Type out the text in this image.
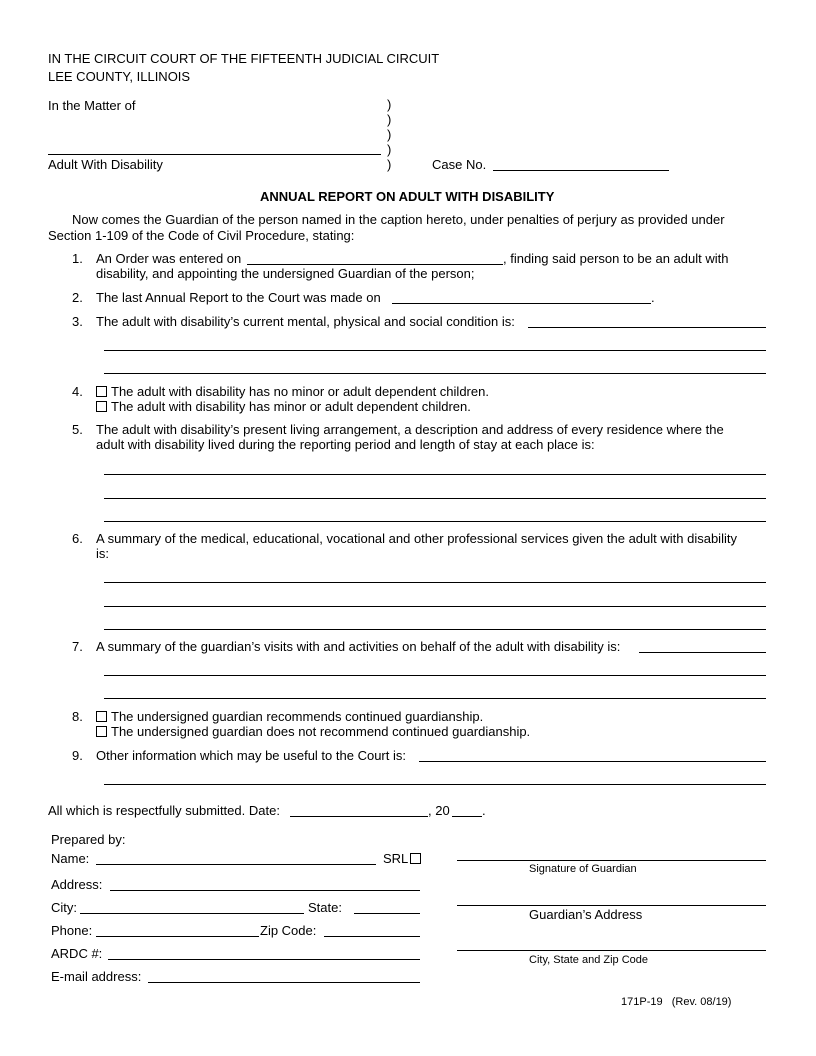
IN THE CIRCUIT COURT OF THE FIFTEENTH JUDICIAL CIRCUIT
LEE COUNTY, ILLINOIS
In the Matter of	)
)
)
)
)
Adult With Disability	Case No.
ANNUAL REPORT ON ADULT WITH DISABILITY
Now comes the Guardian of the person named in the caption hereto, under penalties of perjury as provided under
Section 1-109 of the Code of Civil Procedure, stating:
1. An Order was entered on	, finding said person to be an adult with
disability, and appointing the undersigned Guardian of the person;
2. The last Annual Report to the Court was made on	.
3. The adult with disability’s current mental, physical and social condition is:
4.	The adult with disability has no minor or adult dependent children.
The adult with disability has minor or adult dependent children.
5. The adult with disability’s present living arrangement, a description and address of every residence where the
adult with disability lived during the reporting period and length of stay at each place is:
6. A summary of the medical, educational, vocational and other professional services given the adult with disability
is:
7. A summary of the guardian’s visits with and activities on behalf of the adult with disability is:
8.	The undersigned guardian recommends continued guardianship.
The undersigned guardian does not recommend continued guardianship.
9. Other information which may be useful to the Court is:
All which is respectfully submitted. Date:	, 20 .
Prepared by:
Name:	SRL
Address:
City:	State:
Phone:	Zip Code:
ARDC #:
E-mail address:
Signature of Guardian
Guardian’s Address
City, State and Zip Code
171P-19   (Rev. 08/19)
